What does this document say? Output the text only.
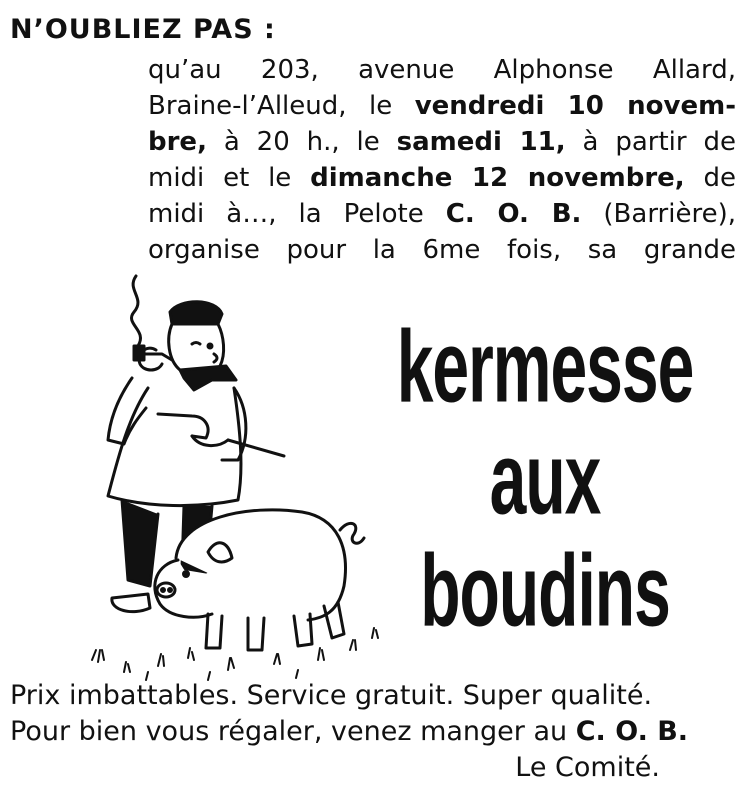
N’OUBLIEZ PAS :
qu’au 203, avenue Alphonse Allard,
Braine-l’Alleud, le vendredi 10 novem-
bre, à 20 h., le samedi 11, à partir de
midi et le dimanche 12 novembre, de
midi à…, la Pelote C. O. B. (Barrière),
organise pour la 6me fois, sa grande
kermesse
aux
boudins
Prix imbattables. Service gratuit. Super qualité.
Pour bien vous régaler, venez manger au C. O. B.
Le Comité.
